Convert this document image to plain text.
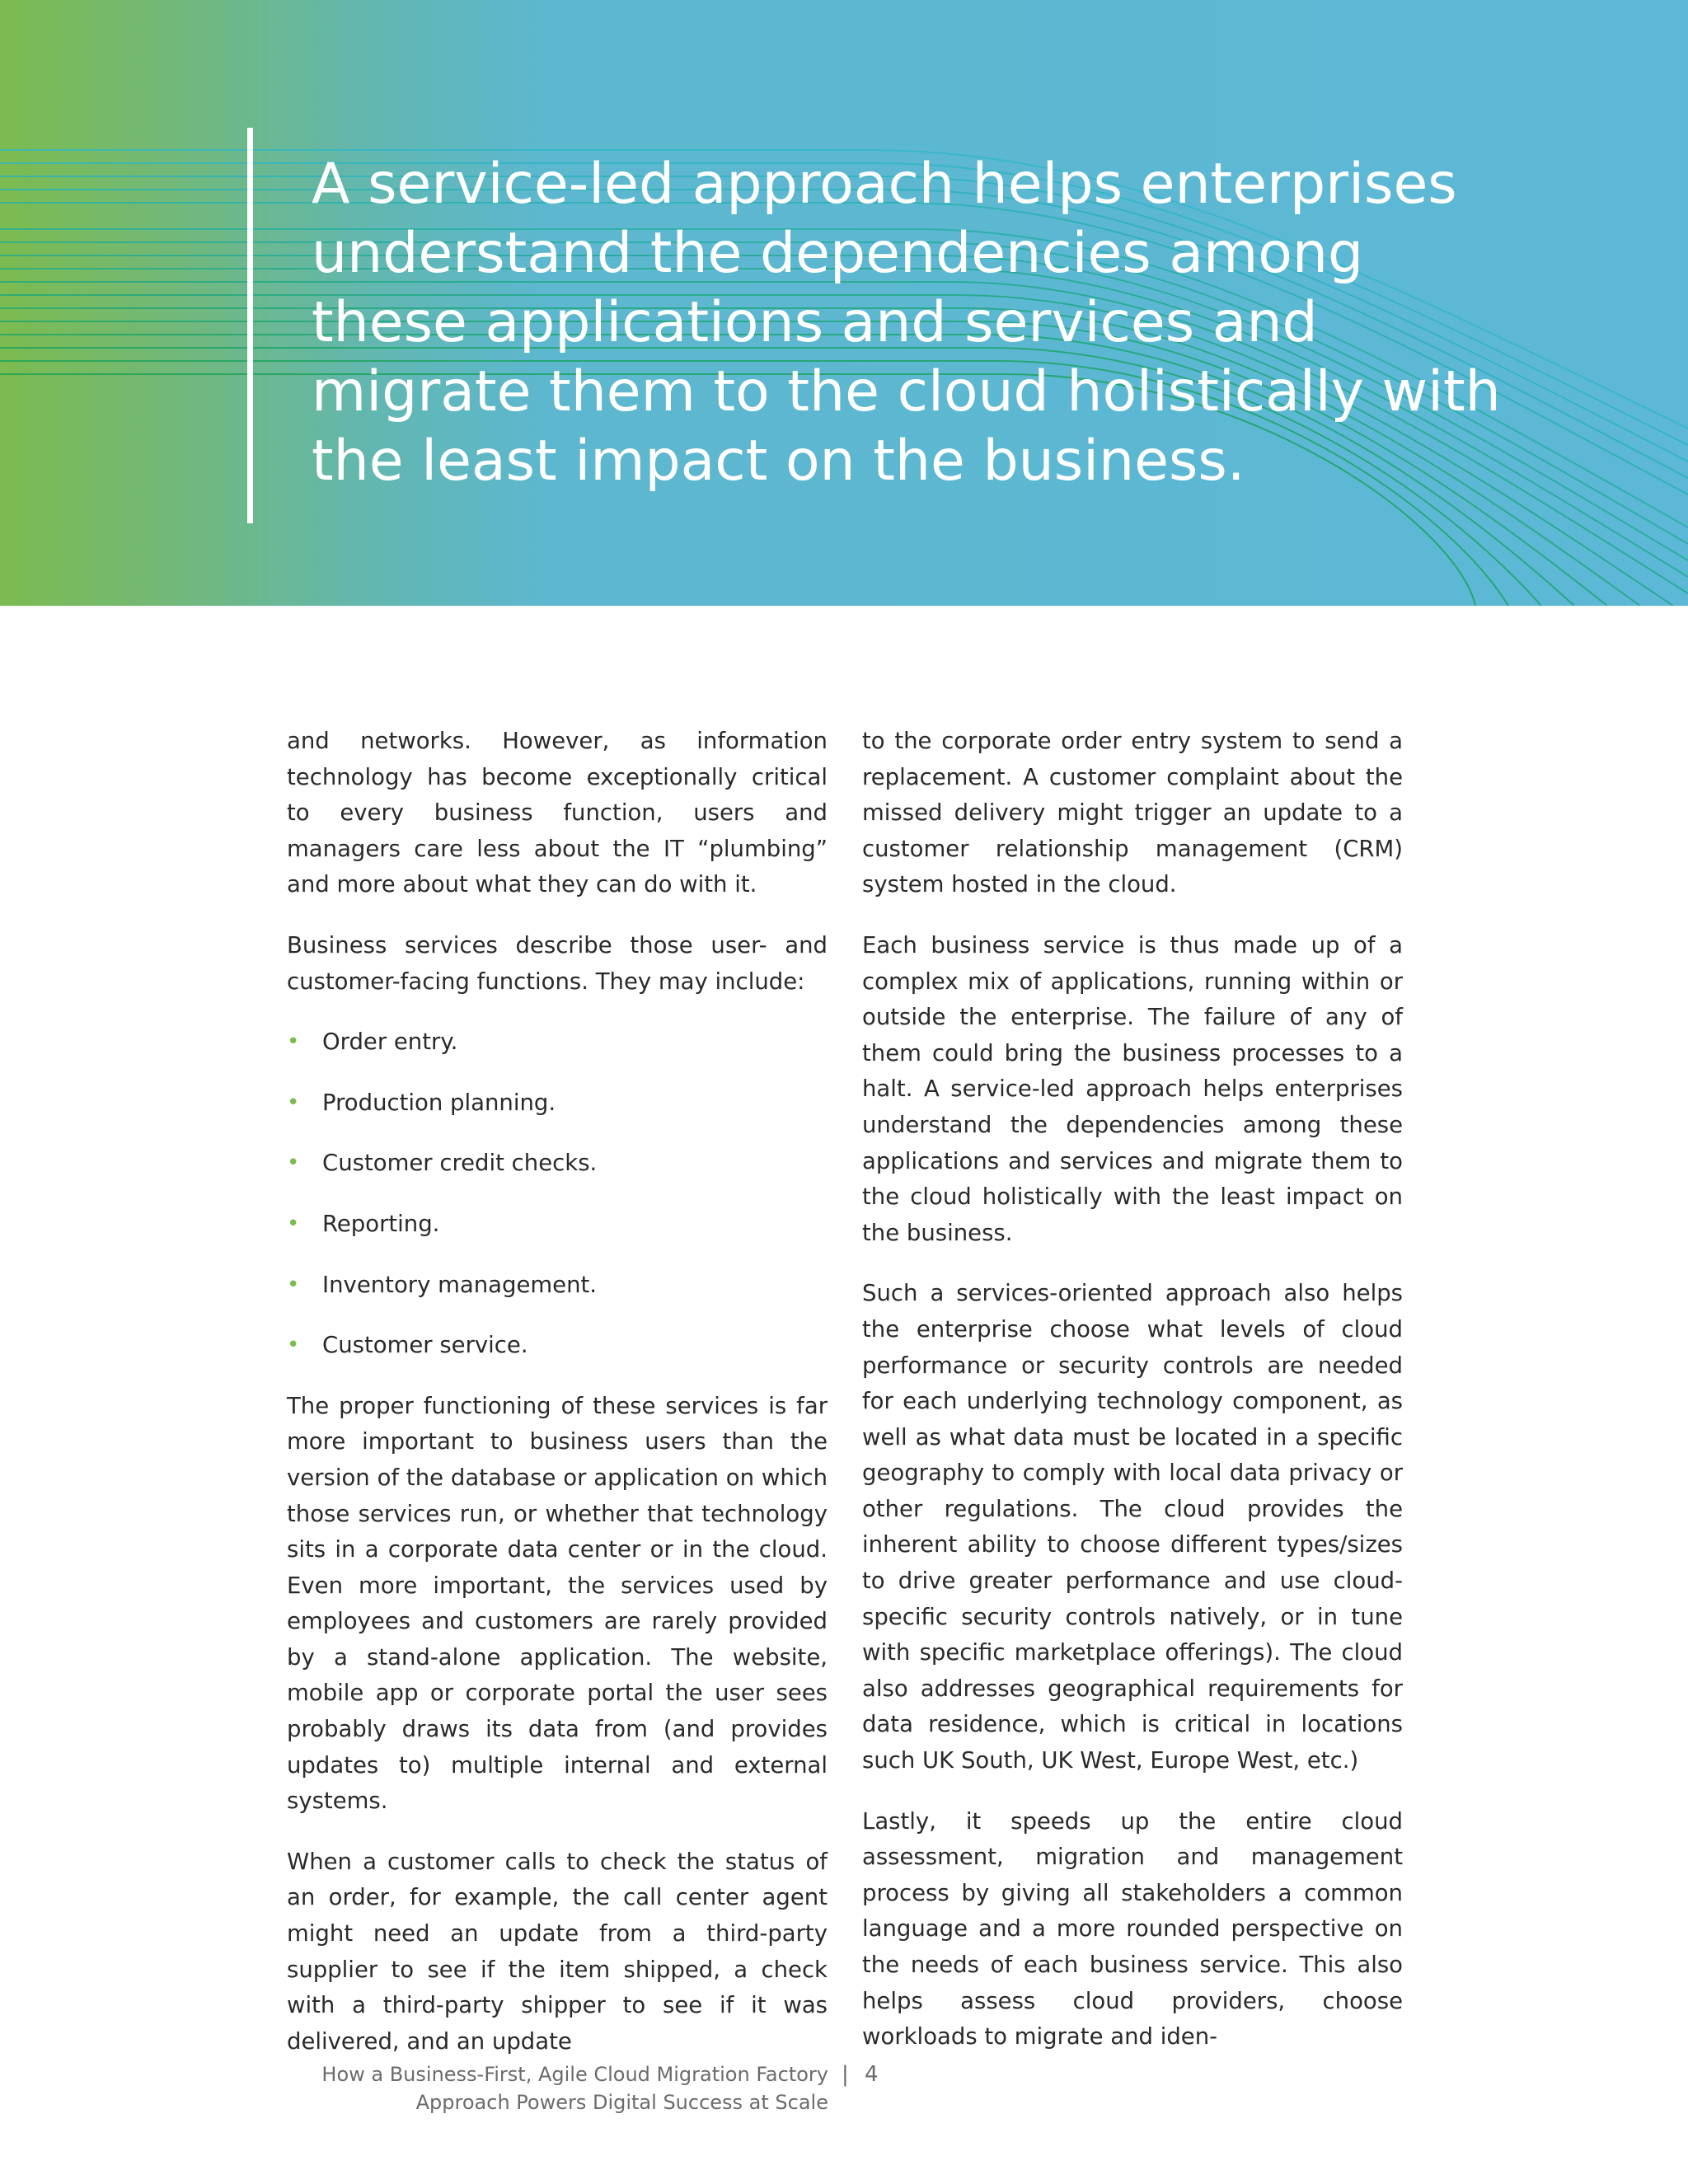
A service-led approach helps enterprises understand the dependencies among these applications and services and migrate them to the cloud holistically with the least impact on the business.

and networks. However, as information technology has become exceptionally critical to every business function, users and managers care less about the IT “plumbing” and more about what they can do with it.

Business services describe those user- and customer-facing functions. They may include:

• Order entry.
• Production planning.
• Customer credit checks.
• Reporting.
• Inventory management.
• Customer service.

The proper functioning of these services is far more important to business users than the version of the database or application on which those services run, or whether that technology sits in a corporate data center or in the cloud. Even more important, the services used by employees and customers are rarely provided by a stand-alone application. The website, mobile app or corporate portal the user sees probably draws its data from (and provides updates to) multiple internal and external systems.

When a customer calls to check the status of an order, for example, the call center agent might need an update from a third-party supplier to see if the item shipped, a check with a third-party shipper to see if it was delivered, and an update

to the corporate order entry system to send a replacement. A customer complaint about the missed delivery might trigger an update to a customer relationship management (CRM) system hosted in the cloud.

Each business service is thus made up of a complex mix of applications, running within or outside the enterprise. The failure of any of them could bring the business processes to a halt. A service-led approach helps enterprises understand the dependencies among these applications and services and migrate them to the cloud holistically with the least impact on the business.

Such a services-oriented approach also helps the enterprise choose what levels of cloud performance or security controls are needed for each underlying technology component, as well as what data must be located in a specific geography to comply with local data privacy or other regulations. The cloud provides the inherent ability to choose different types/sizes to drive greater performance and use cloud-specific security controls natively, or in tune with specific marketplace offerings). The cloud also addresses geographical requirements for data residence, which is critical in locations such UK South, UK West, Europe West, etc.)

Lastly, it speeds up the entire cloud assessment, migration and management process by giving all stakeholders a common language and a more rounded perspective on the needs of each business service. This also helps assess cloud providers, choose workloads to migrate and iden-

How a Business-First, Agile Cloud Migration Factory
Approach Powers Digital Success at Scale
| 4
